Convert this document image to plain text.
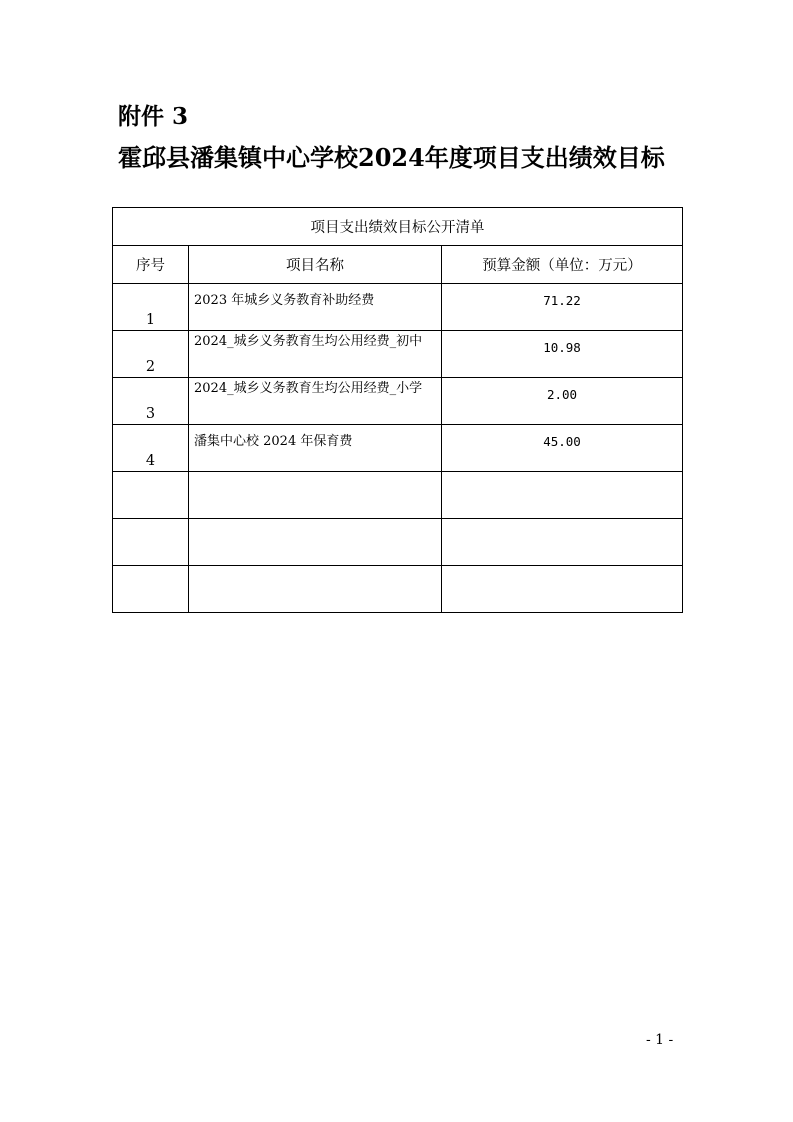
附件 3
霍邱县潘集镇中心学校2024年度项目支出绩效目标
项目支出绩效目标公开清单		
序号	项目名称	预算金额（单位：万元）
1	2023 年城乡义务教育补助经费	71.22
2	2024_城乡义务教育生均公用经费_初中	10.98
3	2024_城乡义务教育生均公用经费_小学	2.00
4	潘集中心校 2024 年保育费	45.00

- 1 -
